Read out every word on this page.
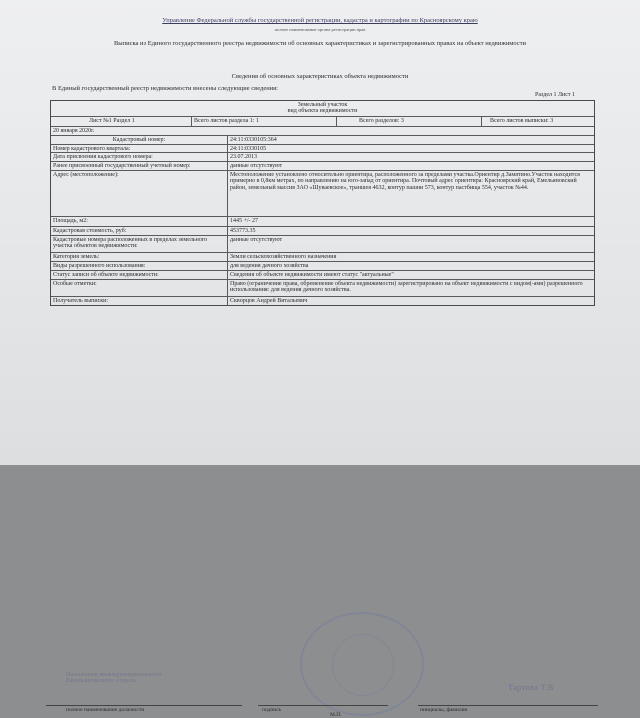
Управление Федеральной службы государственной регистрации, кадастра и картографии по Красноярскому краю
полное наименование органа регистрации прав
Выписка из Единого государственного реестра недвижимости об основных характеристиках и зарегистрированных правах на объект недвижимости
Сведения об основных характеристиках объекта недвижимости
В Единый государственный реестр недвижимости внесены следующие сведения:
Раздел 1 Лист 1
Земельный участок
вид объекта недвижимости
Лист №1 Раздел 1	Всего листов раздела 1: 1	Всего разделов: 3	Всего листов выписки: 3
20 января 2020г.
Кадастровый номер:	24:11:0330105:364
Номер кадастрового квартала:	24:11:0330105
Дата присвоения кадастрового номера:	23.07.2013
Ранее присвоенный государственный учетный номер:	данные отсутствуют
Адрес (местоположение):	Местоположение установлено относительно ориентира, расположенного за пределами участка.Ориентир д.Замятино.Участок находится примерно в 0,8км метрах, по направлению на юго-запад от ориентира. Почтовый адрес ориентира: Красноярский край, Емельяновский район, земельный массив ЗАО «Шуваевское», траншея 4632, контур пашни 573, контур пастбища 554, участок №44.
Площадь, м2:	1445 +/- 27
Кадастровая стоимость, руб:	453773.35
Кадастровые номера расположенных в пределах земельного участка объектов недвижимости:
данные отсутствуют
Категория земель:	Земли сельскохозяйственного назначения
Виды разрешенного использования:	для ведения дачного хозяйства
Статус записи об объекте недвижимости:	Сведения об объекте недвижимости имеют статус "актуальные"
Особые отметки:	Право (ограничение права, обременение объекта недвижимости) зарегистрировано на объект недвижимости с видом(-ами) разрешенного использования: для ведения дачного хозяйства.
Получатель выписки:	Скворцов Андрей Витальевич
Начальник межмуниципального Емельяновского отдела
Тартова Т.В
полное наименование должности	подпись	инициалы, фамилия
М.П.
